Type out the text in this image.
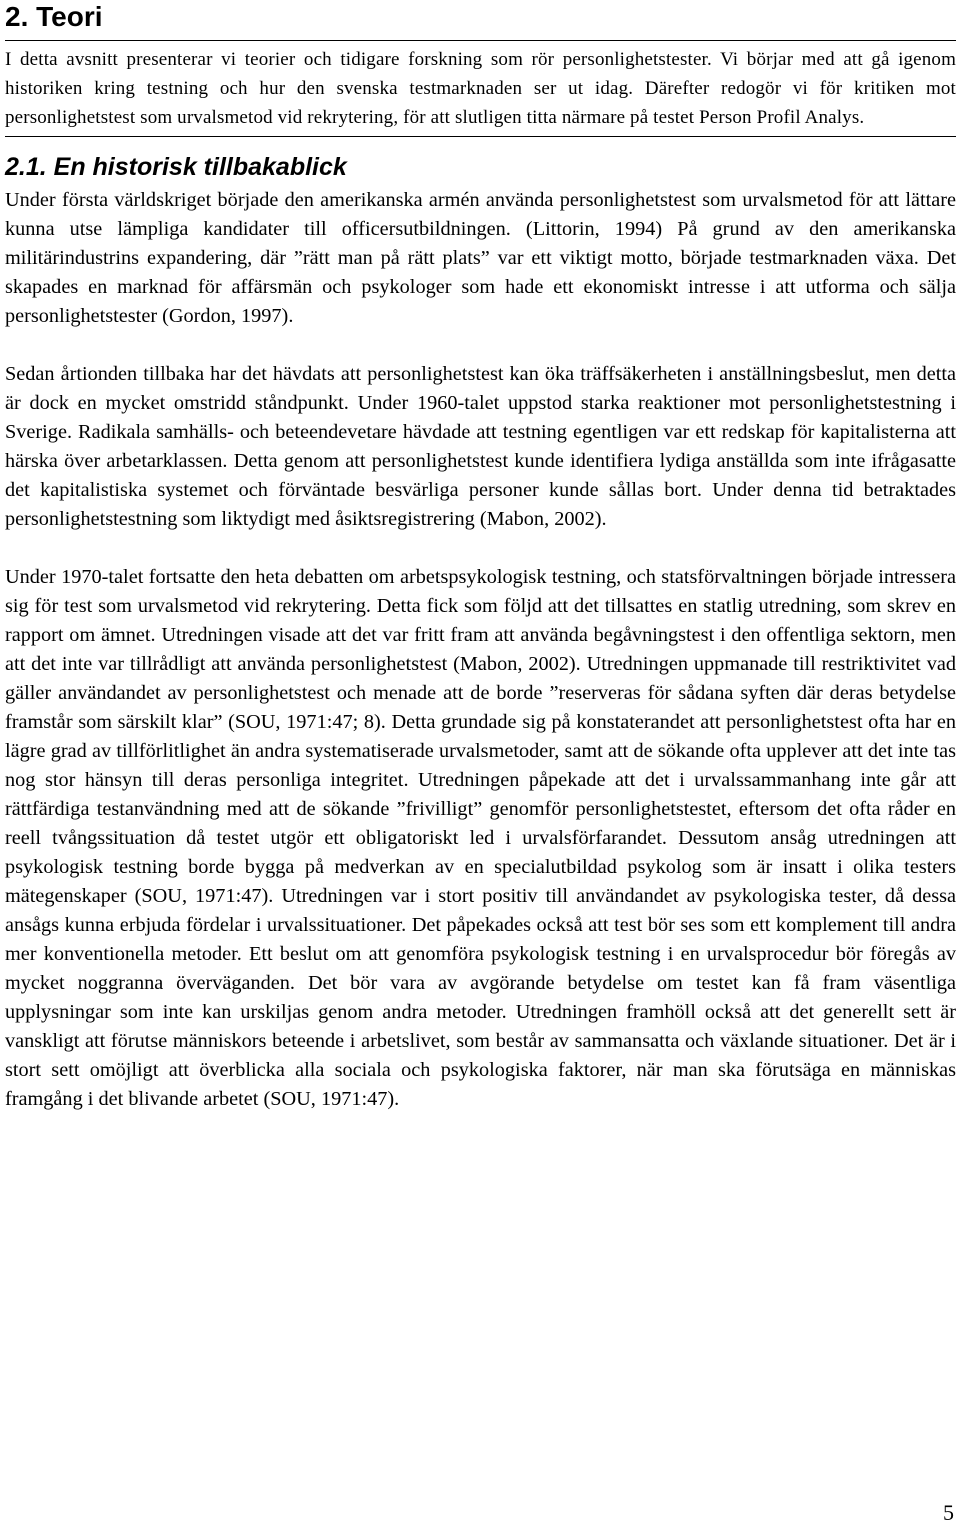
2. Teori

I detta avsnitt presenterar vi teorier och tidigare forskning som rör personlighetstester. Vi börjar med att gå igenom historiken kring testning och hur den svenska testmarknaden ser ut idag. Därefter redogör vi för kritiken mot personlighetstest som urvalsmetod vid rekrytering, för att slutligen titta närmare på testet Person Profil Analys.

2.1. En historisk tillbakablick

Under första världskriget började den amerikanska armén använda personlighetstest som urvalsmetod för att lättare kunna utse lämpliga kandidater till officersutbildningen. (Littorin, 1994) På grund av den amerikanska militärindustrins expandering, där ”rätt man på rätt plats” var ett viktigt motto, började testmarknaden växa. Det skapades en marknad för affärsmän och psykologer som hade ett ekonomiskt intresse i att utforma och sälja personlighetstester (Gordon, 1997).

Sedan årtionden tillbaka har det hävdats att personlighetstest kan öka träffsäkerheten i anställningsbeslut, men detta är dock en mycket omstridd ståndpunkt. Under 1960-talet uppstod starka reaktioner mot personlighetstestning i Sverige. Radikala samhälls- och beteendevetare hävdade att testning egentligen var ett redskap för kapitalisterna att härska över arbetarklassen. Detta genom att personlighetstest kunde identifiera lydiga anställda som inte ifrågasatte det kapitalistiska systemet och förväntade besvärliga personer kunde sållas bort. Under denna tid betraktades personlighetstestning som liktydigt med åsiktsregistrering (Mabon, 2002).

Under 1970-talet fortsatte den heta debatten om arbetspsykologisk testning, och statsförvaltningen började intressera sig för test som urvalsmetod vid rekrytering. Detta fick som följd att det tillsattes en statlig utredning, som skrev en rapport om ämnet. Utredningen visade att det var fritt fram att använda begåvningstest i den offentliga sektorn, men att det inte var tillrådligt att använda personlighetstest (Mabon, 2002). Utredningen uppmanade till restriktivitet vad gäller användandet av personlighetstest och menade att de borde ”reserveras för sådana syften där deras betydelse framstår som särskilt klar” (SOU, 1971:47; 8). Detta grundade sig på konstaterandet att personlighetstest ofta har en lägre grad av tillförlitlighet än andra systematiserade urvalsmetoder, samt att de sökande ofta upplever att det inte tas nog stor hänsyn till deras personliga integritet. Utredningen påpekade att det i urvalssammanhang inte går att rättfärdiga testanvändning med att de sökande ”frivilligt” genomför personlighetstestet, eftersom det ofta råder en reell tvångssituation då testet utgör ett obligatoriskt led i urvalsförfarandet. Dessutom ansåg utredningen att psykologisk testning borde bygga på medverkan av en specialutbildad psykolog som är insatt i olika testers mätegenskaper (SOU, 1971:47). Utredningen var i stort positiv till användandet av psykologiska tester, då dessa ansågs kunna erbjuda fördelar i urvalssituationer. Det påpekades också att test bör ses som ett komplement till andra mer konventionella metoder. Ett beslut om att genomföra psykologisk testning i en urvalsprocedur bör föregås av mycket noggranna överväganden. Det bör vara av avgörande betydelse om testet kan få fram väsentliga upplysningar som inte kan urskiljas genom andra metoder. Utredningen framhöll också att det generellt sett är vanskligt att förutse människors beteende i arbetslivet, som består av sammansatta och växlande situationer. Det är i stort sett omöjligt att överblicka alla sociala och psykologiska faktorer, när man ska förutsäga en människas framgång i det blivande arbetet (SOU, 1971:47).

5
